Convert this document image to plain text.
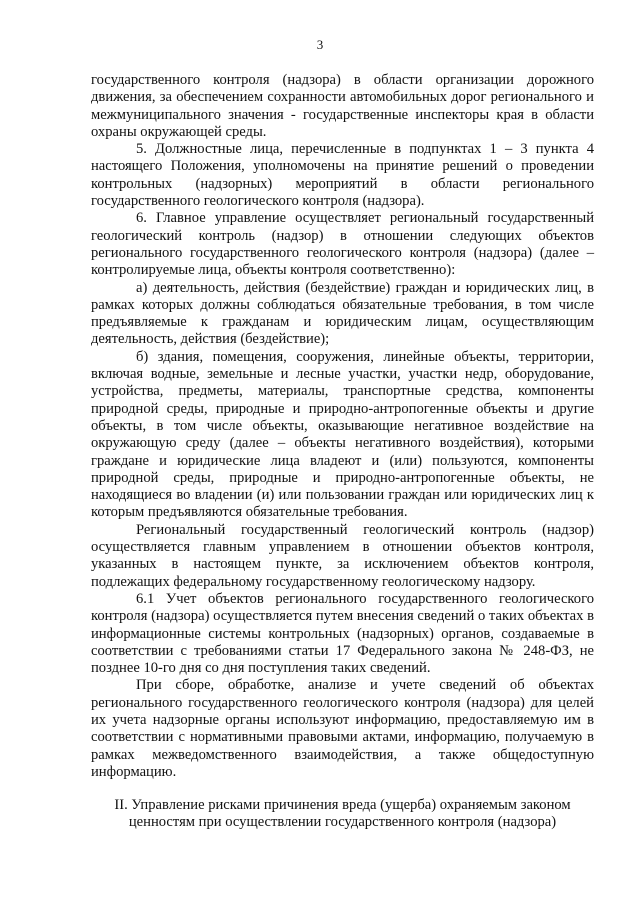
3

государственного контроля (надзора) в области организации дорожного движения, за обеспечением сохранности автомобильных дорог регионального и межмуниципального значения - государственные инспекторы края в области охраны окружающей среды.

5. Должностные лица, перечисленные в подпунктах 1 – 3 пункта 4 настоящего Положения, уполномочены на принятие решений о проведении контрольных (надзорных) мероприятий в области регионального государственного геологического контроля (надзора).

6. Главное управление осуществляет региональный государственный геологический контроль (надзор) в отношении следующих объектов регионального государственного геологического контроля (надзора) (далее – контролируемые лица, объекты контроля соответственно):

а) деятельность, действия (бездействие) граждан и юридических лиц, в рамках которых должны соблюдаться обязательные требования, в том числе предъявляемые к гражданам и юридическим лицам, осуществляющим деятельность, действия (бездействие);

б) здания, помещения, сооружения, линейные объекты, территории, включая водные, земельные и лесные участки, участки недр, оборудование, устройства, предметы, материалы, транспортные средства, компоненты природной среды, природные и природно-антропогенные объекты и другие объекты, в том числе объекты, оказывающие негативное воздействие на окружающую среду (далее – объекты негативного воздействия), которыми граждане и юридические лица владеют и (или) пользуются, компоненты природной среды, природные и природно-антропогенные объекты, не находящиеся во владении (и) или пользовании граждан или юридических лиц к которым предъявляются обязательные требования.

Региональный государственный геологический контроль (надзор) осуществляется главным управлением в отношении объектов контроля, указанных в настоящем пункте, за исключением объектов контроля, подлежащих федеральному государственному геологическому надзору.

6.1 Учет объектов регионального государственного геологического контроля (надзора) осуществляется путем внесения сведений о таких объектах в информационные системы контрольных (надзорных) органов, создаваемые в соответствии с требованиями статьи 17 Федерального закона № 248-ФЗ, не позднее 10-го дня со дня поступления таких сведений.

При сборе, обработке, анализе и учете сведений об объектах регионального государственного геологического контроля (надзора) для целей их учета надзорные органы используют информацию, предоставляемую им в соответствии с нормативными правовыми актами, информацию, получаемую в рамках межведомственного взаимодействия, а также общедоступную информацию.

II. Управление рисками причинения вреда (ущерба) охраняемым законом
ценностям при осуществлении государственного контроля (надзора)
